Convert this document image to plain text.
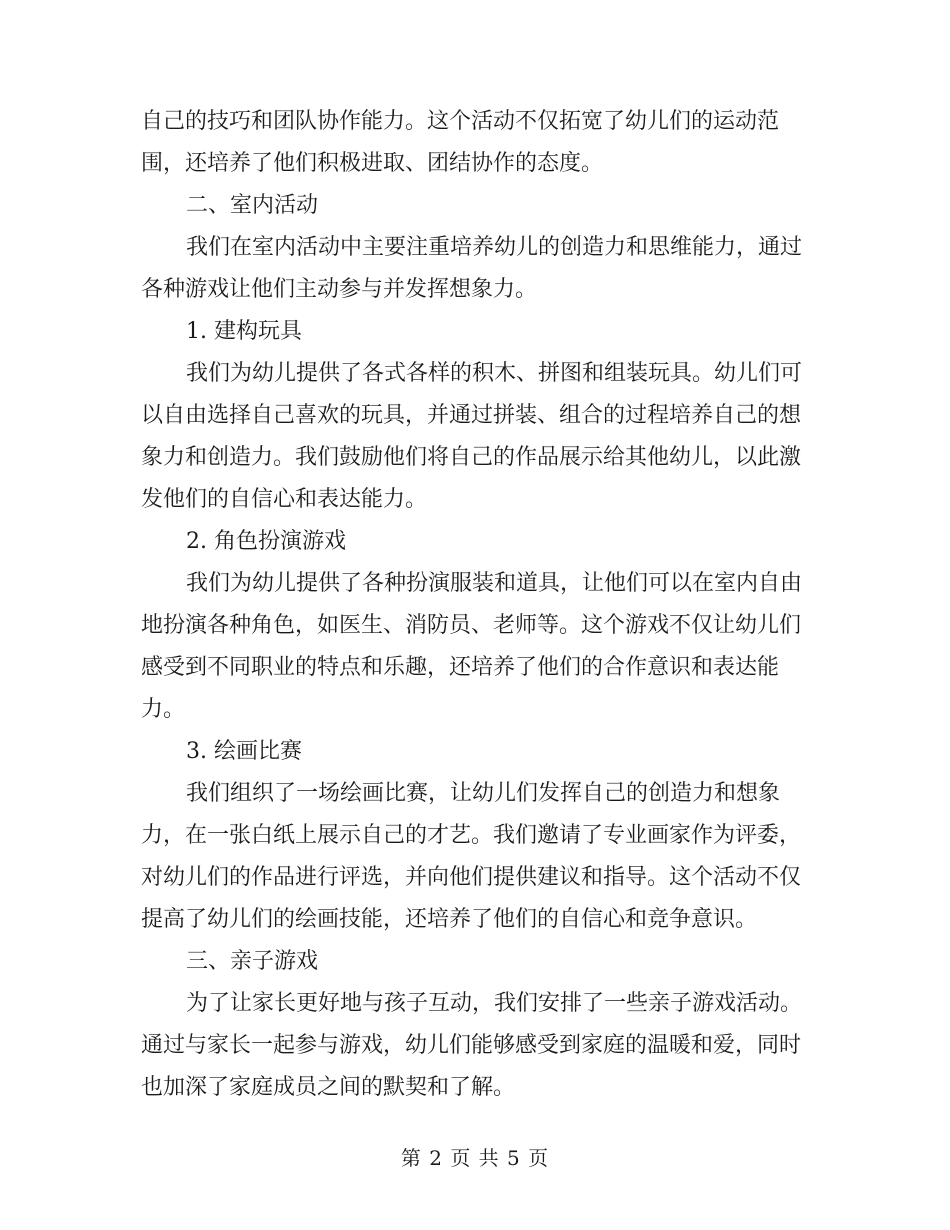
自己的技巧和团队协作能力。这个活动不仅拓宽了幼儿们的运动范

围，还培养了他们积极进取、团结协作的态度。

二、室内活动

我们在室内活动中主要注重培养幼儿的创造力和思维能力，通过

各种游戏让他们主动参与并发挥想象力。

1. 建构玩具

我们为幼儿提供了各式各样的积木、拼图和组装玩具。幼儿们可

以自由选择自己喜欢的玩具，并通过拼装、组合的过程培养自己的想

象力和创造力。我们鼓励他们将自己的作品展示给其他幼儿，以此激

发他们的自信心和表达能力。

2. 角色扮演游戏

我们为幼儿提供了各种扮演服装和道具，让他们可以在室内自由

地扮演各种角色，如医生、消防员、老师等。这个游戏不仅让幼儿们

感受到不同职业的特点和乐趣，还培养了他们的合作意识和表达能

力。

3. 绘画比赛

我们组织了一场绘画比赛，让幼儿们发挥自己的创造力和想象

力，在一张白纸上展示自己的才艺。我们邀请了专业画家作为评委，

对幼儿们的作品进行评选，并向他们提供建议和指导。这个活动不仅

提高了幼儿们的绘画技能，还培养了他们的自信心和竞争意识。

三、亲子游戏

为了让家长更好地与孩子互动，我们安排了一些亲子游戏活动。

通过与家长一起参与游戏，幼儿们能够感受到家庭的温暖和爱，同时

也加深了家庭成员之间的默契和了解。

第 2 页 共 5 页
